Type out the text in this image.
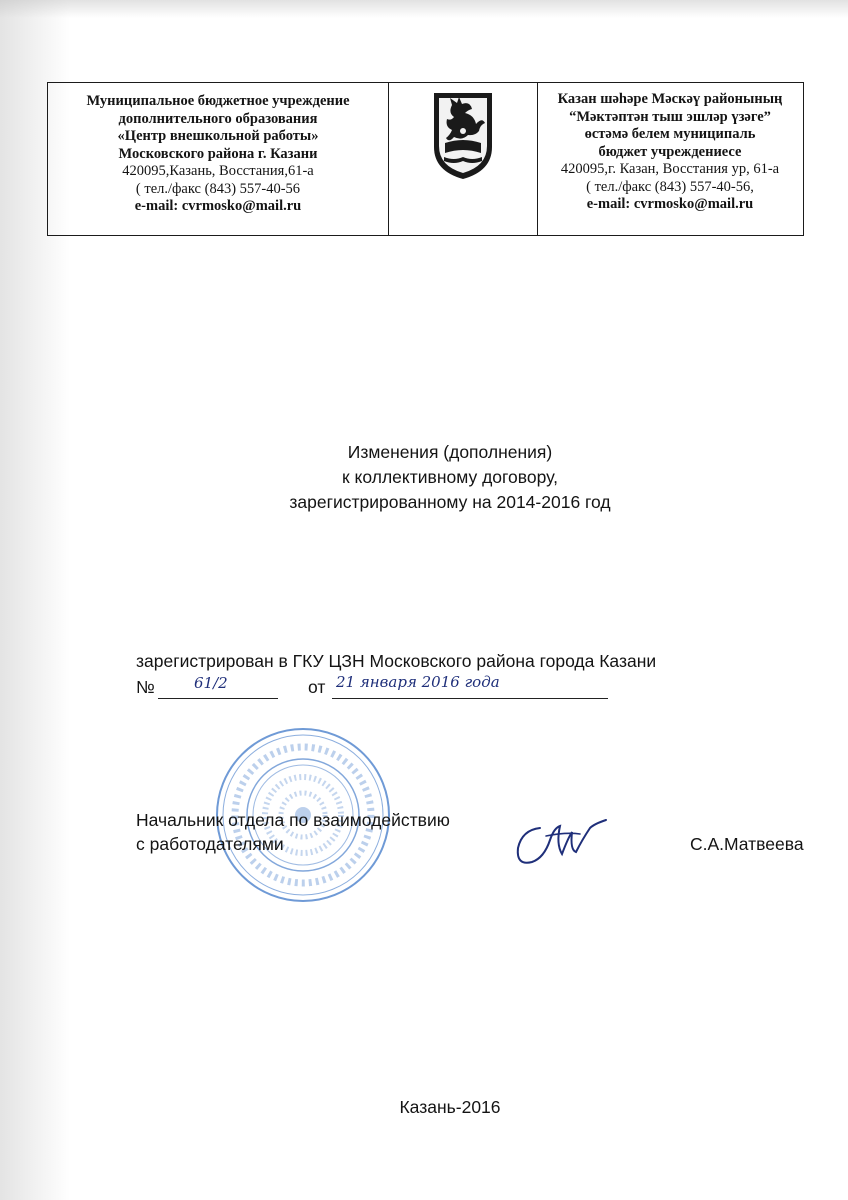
Муниципальное бюджетное учреждение
дополнительного образования
«Центр внешкольной работы»
Московского района г. Казани
420095,Казань, Восстания,61-а
( тел./факс (843) 557-40-56
e-mail: cvrmosko@mail.ru
Казан шәһәре Мәскәү районының
“Мәктәптән тыш эшләр үзәге”
өстәмә белем муниципаль
бюджет учреждениесе
420095,г. Казан, Восстания ур, 61-а
( тел./факс (843) 557-40-56,
e-mail: cvrmosko@mail.ru
Изменения (дополнения)
к коллективному договору,
зарегистрированному на 2014-2016 год
зарегистрирован в ГКУ ЦЗН Московского района города Казани
№	61/2	от 21 января 2016 года
Начальник отдела по взаимодействию
с работодателями	С.А.Матвеева
Казань-2016
